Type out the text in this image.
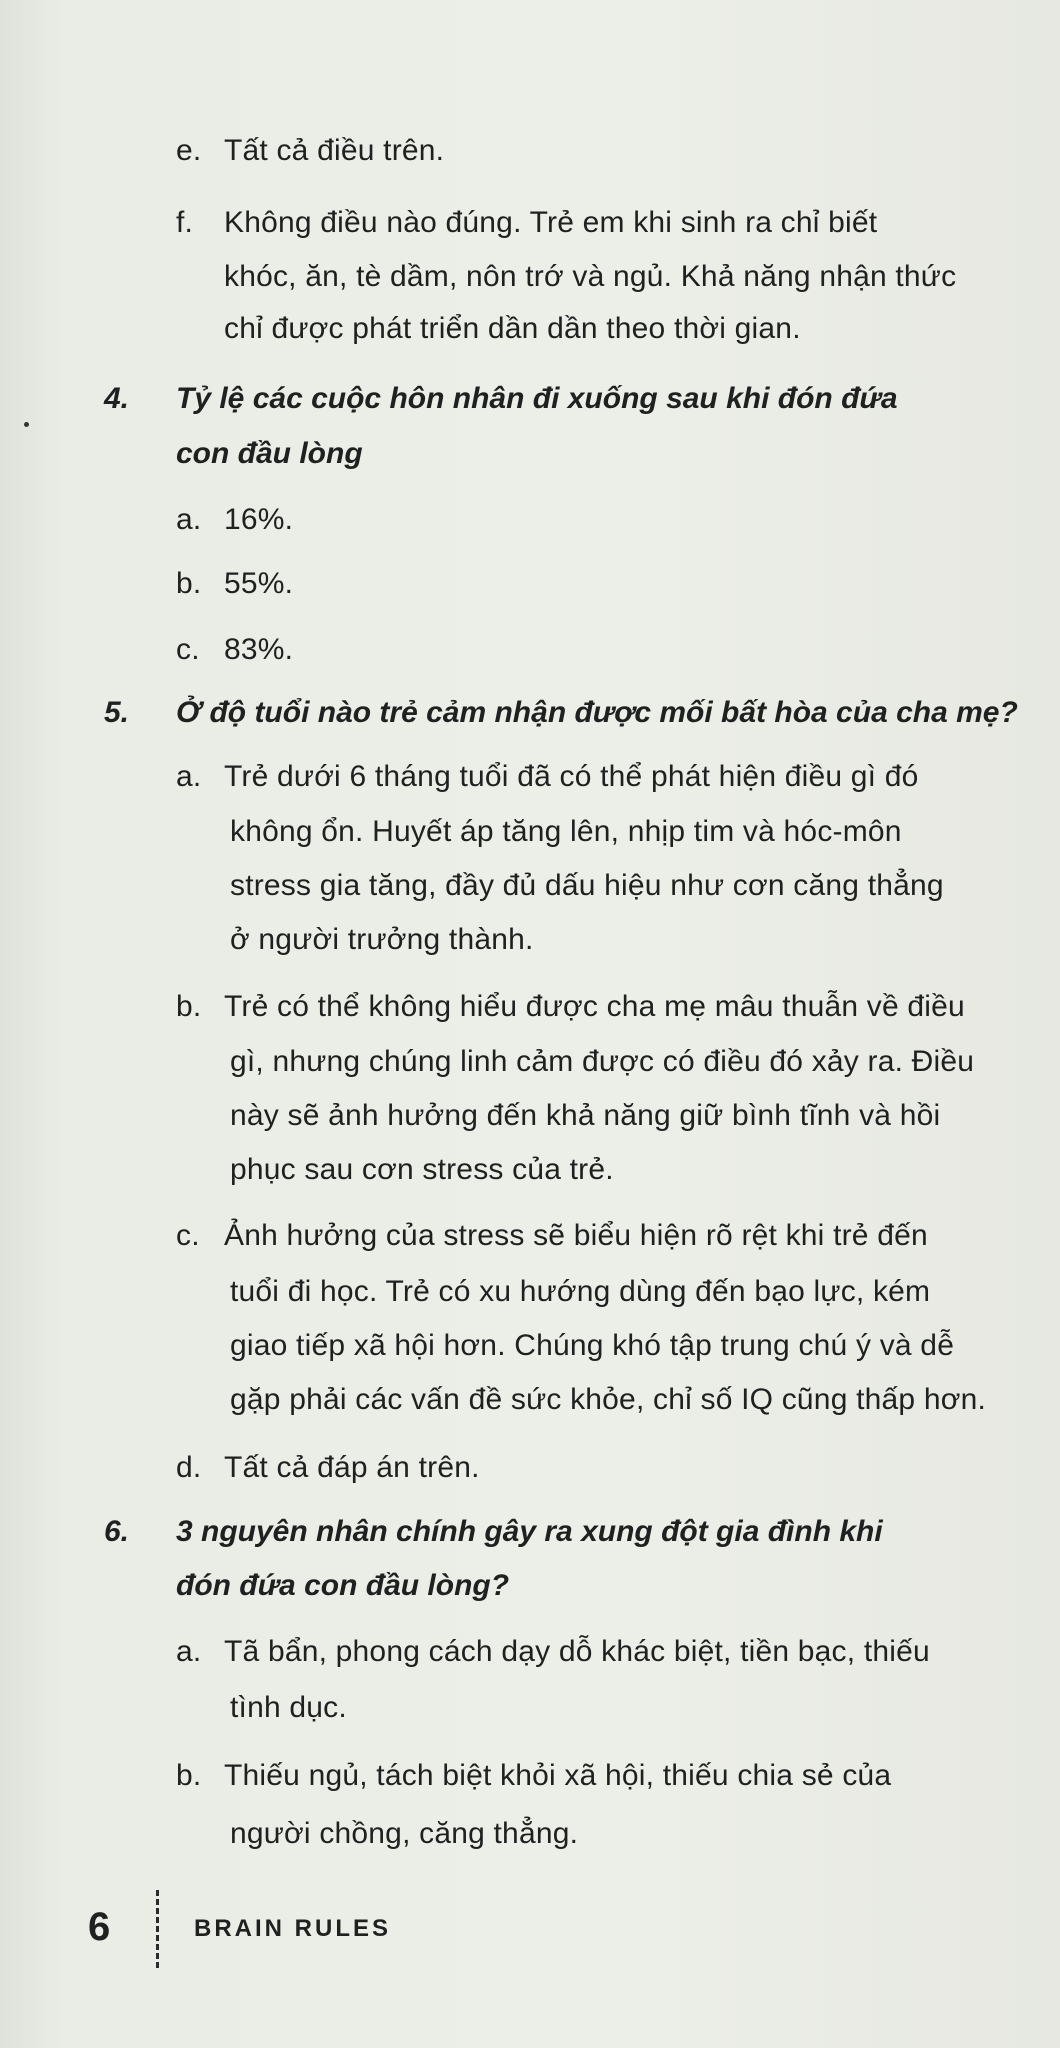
e. Tất cả điều trên.
f. Không điều nào đúng. Trẻ em khi sinh ra chỉ biết
khóc, ăn, tè dầm, nôn trớ và ngủ. Khả năng nhận thức
chỉ được phát triển dần dần theo thời gian.
4. Tỷ lệ các cuộc hôn nhân đi xuống sau khi đón đứa
con đầu lòng
a. 16%.
b. 55%.
c. 83%.
5. Ở độ tuổi nào trẻ cảm nhận được mối bất hòa của cha mẹ?
a. Trẻ dưới 6 tháng tuổi đã có thể phát hiện điều gì đó
không ổn. Huyết áp tăng lên, nhịp tim và hóc-môn
stress gia tăng, đầy đủ dấu hiệu như cơn căng thẳng
ở người trưởng thành.
b. Trẻ có thể không hiểu được cha mẹ mâu thuẫn về điều
gì, nhưng chúng linh cảm được có điều đó xảy ra. Điều
này sẽ ảnh hưởng đến khả năng giữ bình tĩnh và hồi
phục sau cơn stress của trẻ.
c. Ảnh hưởng của stress sẽ biểu hiện rõ rệt khi trẻ đến
tuổi đi học. Trẻ có xu hướng dùng đến bạo lực, kém
giao tiếp xã hội hơn. Chúng khó tập trung chú ý và dễ
gặp phải các vấn đề sức khỏe, chỉ số IQ cũng thấp hơn.
d. Tất cả đáp án trên.
6. 3 nguyên nhân chính gây ra xung đột gia đình khi
đón đứa con đầu lòng?
a. Tã bẩn, phong cách dạy dỗ khác biệt, tiền bạc, thiếu
tình dục.
b. Thiếu ngủ, tách biệt khỏi xã hội, thiếu chia sẻ của
người chồng, căng thẳng.
6	BRAIN RULES
